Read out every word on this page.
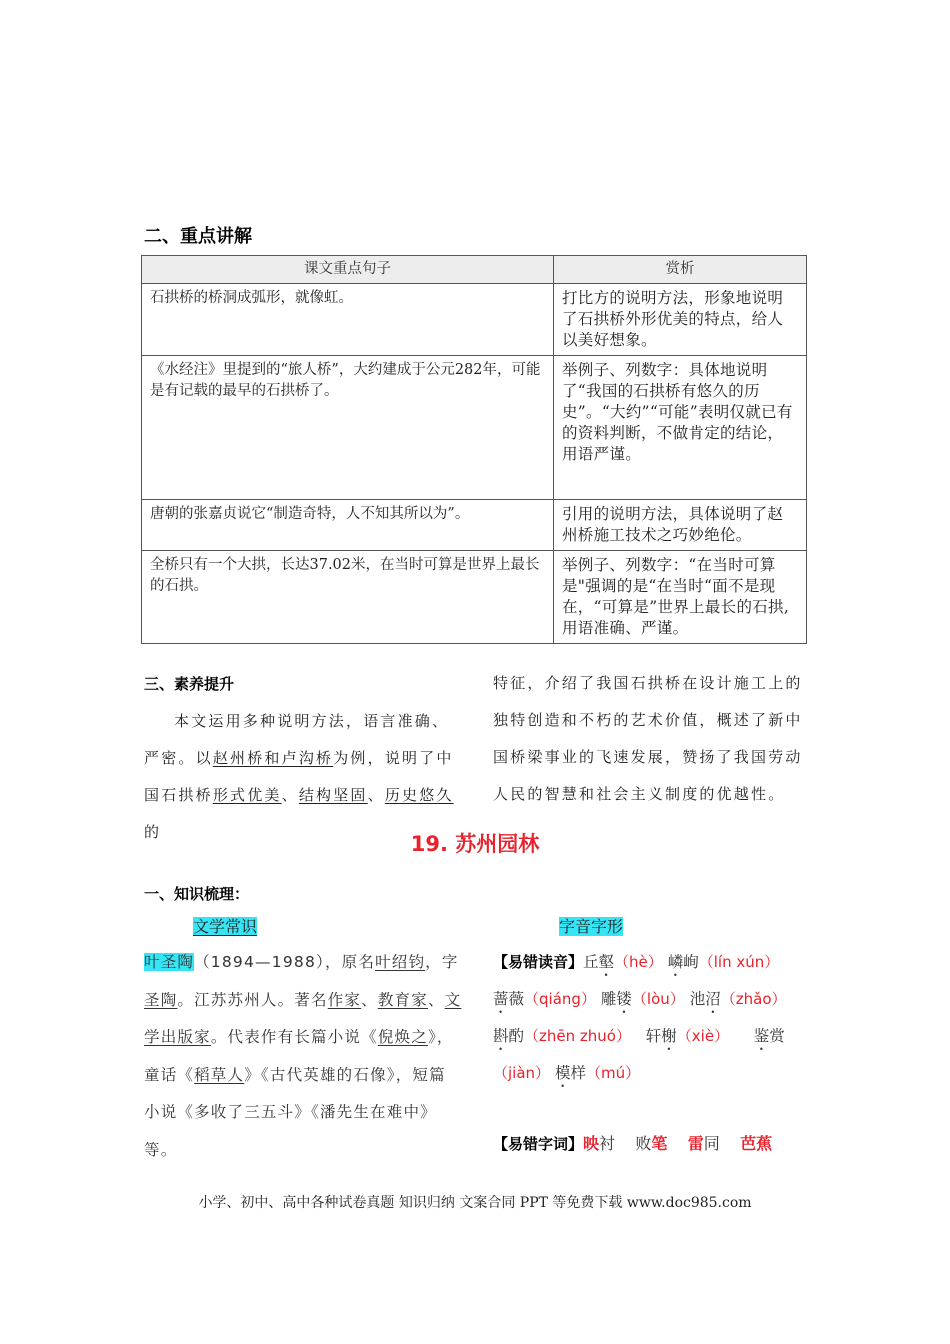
二、重点讲解
课文重点句子	赏析
石拱桥的桥洞成弧形，就像虹。	打比方的说明方法，形象地说明了石拱桥外形优美的特点，给人以美好想象。
《水经注》里提到的“旅人桥”，大约建成于公元282年，可能是有记载的最早的石拱桥了。	举例子、列数字：具体地说明了“我国的石拱桥有悠久的历史”。“大约”“可能”表明仅就已有的资料判断，不做肯定的结论，用语严谨。
唐朝的张嘉贞说它“制造奇特，人不知其所以为”。	引用的说明方法，具体说明了赵州桥施工技术之巧妙绝伦。
全桥只有一个大拱，长达37.02米，在当时可算是世界上最长的石拱。	举例子、列数字：“在当时可算是"强调的是“在当时“面不是现在，“可算是”世界上最长的石拱,用语准确、严谨。
三、素养提升
本文运用多种说明方法，语言准确、严密。以赵州桥和卢沟桥为例，说明了中国石拱桥形式优美、结构坚固、历史悠久的
特征，介绍了我国石拱桥在设计施工上的独特创造和不朽的艺术价值，概述了新中国桥梁事业的飞速发展，赞扬了我国劳动人民的智慧和社会主义制度的优越性。
19. 苏州园林
一、知识梳理：
文学常识
叶圣陶（1894—1988），原名叶绍钧，字圣陶。江苏苏州人。著名作家、教育家、文学出版家。代表作有长篇小说《倪焕之》，童话《稻草人》《古代英雄的石像》，短篇小说《多收了三五斗》《潘先生在难中》等。
字音字形
【易错读音】丘壑（hè） 嶙峋（lín xún）
蔷薇（qiáng） 雕镂（lòu） 池沼（zhǎo）
斟酌（zhēn zhuó） 轩榭（xiè） 鉴赏
（jiàn） 模样（mú）
【易错字词】映衬 败笔 雷同 芭蕉
小学、初中、高中各种试卷真题 知识归纳 文案合同 PPT 等免费下载 www.doc985.com
